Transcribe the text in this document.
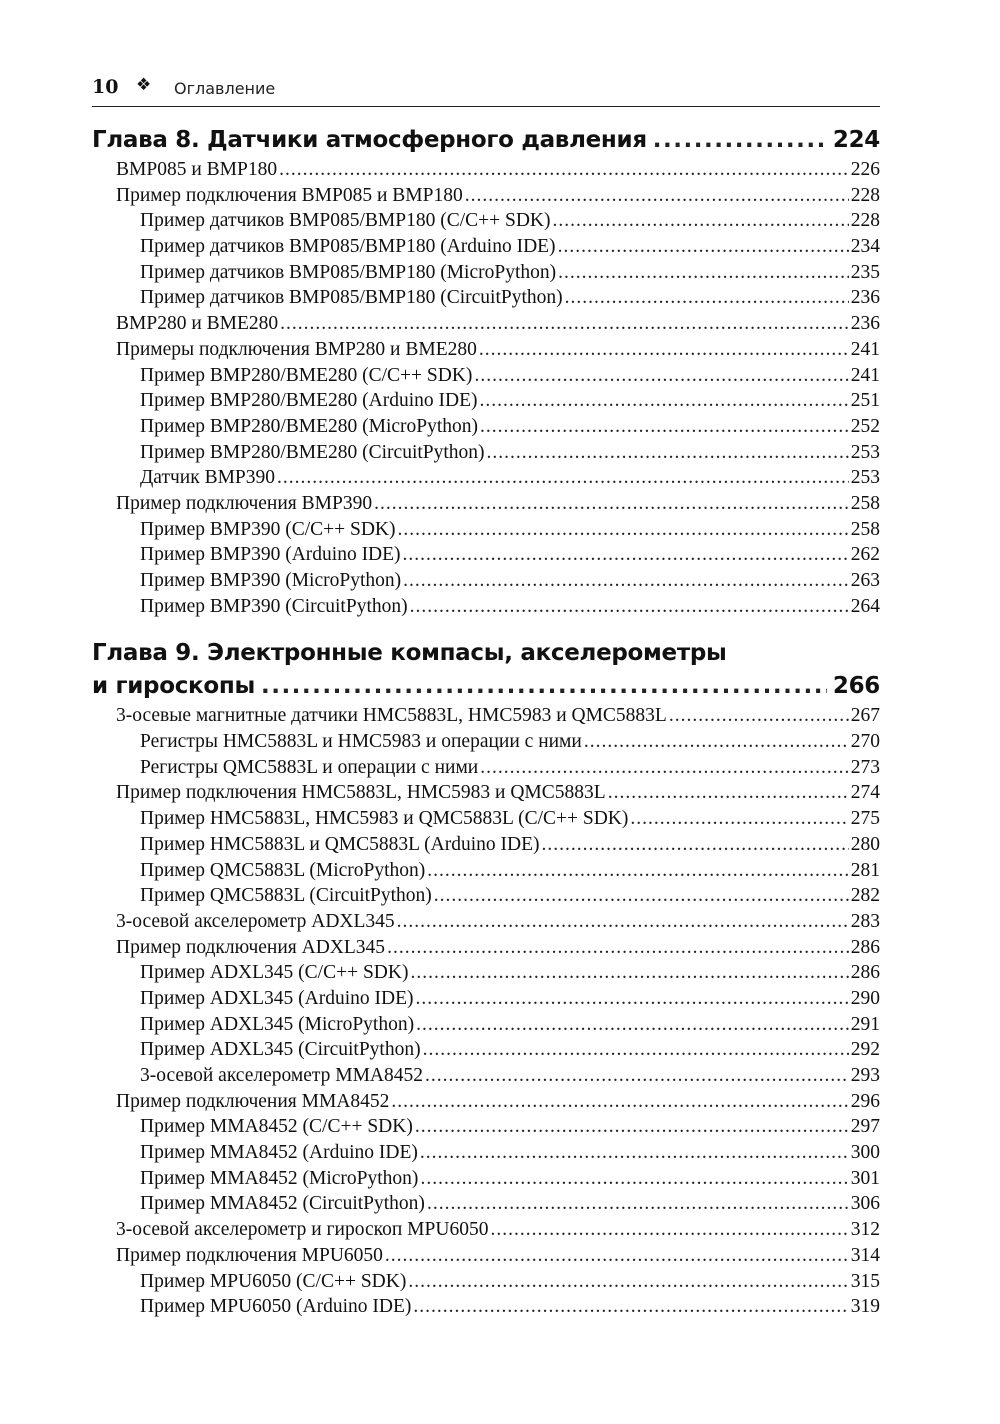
10 ❖ Оглавление
Глава 8. Датчики атмосферного давления .....	224
BMP085 и BMP180 .....	226
Пример подключения BMP085 и BMP180 .....	228
Пример датчиков BMP085/BMP180 (C/C++ SDK) .....	228
Пример датчиков BMP085/BMP180 (Arduino IDE) .....	234
Пример датчиков BMP085/BMP180 (MicroPython) .....	235
Пример датчиков BMP085/BMP180 (CircuitPython) .....	236
BMP280 и BME280 .....	236
Примеры подключения BMP280 и BME280 .....	241
Пример BMP280/BME280 (C/C++ SDK) .....	241
Пример BMP280/BME280 (Arduino IDE) .....	251
Пример BMP280/BME280 (MicroPython) .....	252
Пример BMP280/BME280 (CircuitPython) .....	253
Датчик BMP390 .....	253
Пример подключения BMP390 .....	258
Пример BMP390 (C/C++ SDK) .....	258
Пример BMP390 (Arduino IDE) .....	262
Пример BMP390 (MicroPython) .....	263
Пример BMP390 (CircuitPython) .....	264
Глава 9. Электронные компасы, акселерометры
и гироскопы .....	266
3-осевые магнитные датчики HMC5883L, HMC5983 и QMC5883L .....	267
Регистры HMC5883L и HMC5983 и операции с ними .....	270
Регистры QMC5883L и операции с ними .....	273
Пример подключения HMC5883L, HMC5983 и QMC5883L .....	274
Пример HMC5883L, HMC5983 и QMC5883L (C/C++ SDK) .....	275
Пример HMC5883L и QMC5883L (Arduino IDE) .....	280
Пример QMC5883L (MicroPython) .....	281
Пример QMC5883L (CircuitPython) .....	282
3-осевой акселерометр ADXL345 .....	283
Пример подключения ADXL345 .....	286
Пример ADXL345 (C/C++ SDK) .....	286
Пример ADXL345 (Arduino IDE) .....	290
Пример ADXL345 (MicroPython) .....	291
Пример ADXL345 (CircuitPython) .....	292
3-осевой акселерометр MMA8452 .....	293
Пример подключения MMA8452 .....	296
Пример MMA8452 (C/C++ SDK) .....	297
Пример MMA8452 (Arduino IDE) .....	300
Пример MMA8452 (MicroPython) .....	301
Пример MMA8452 (CircuitPython) .....	306
3-осевой акселерометр и гироскоп MPU6050 .....	312
Пример подключения MPU6050 .....	314
Пример MPU6050 (C/C++ SDK) .....	315
Пример MPU6050 (Arduino IDE) .....	319
